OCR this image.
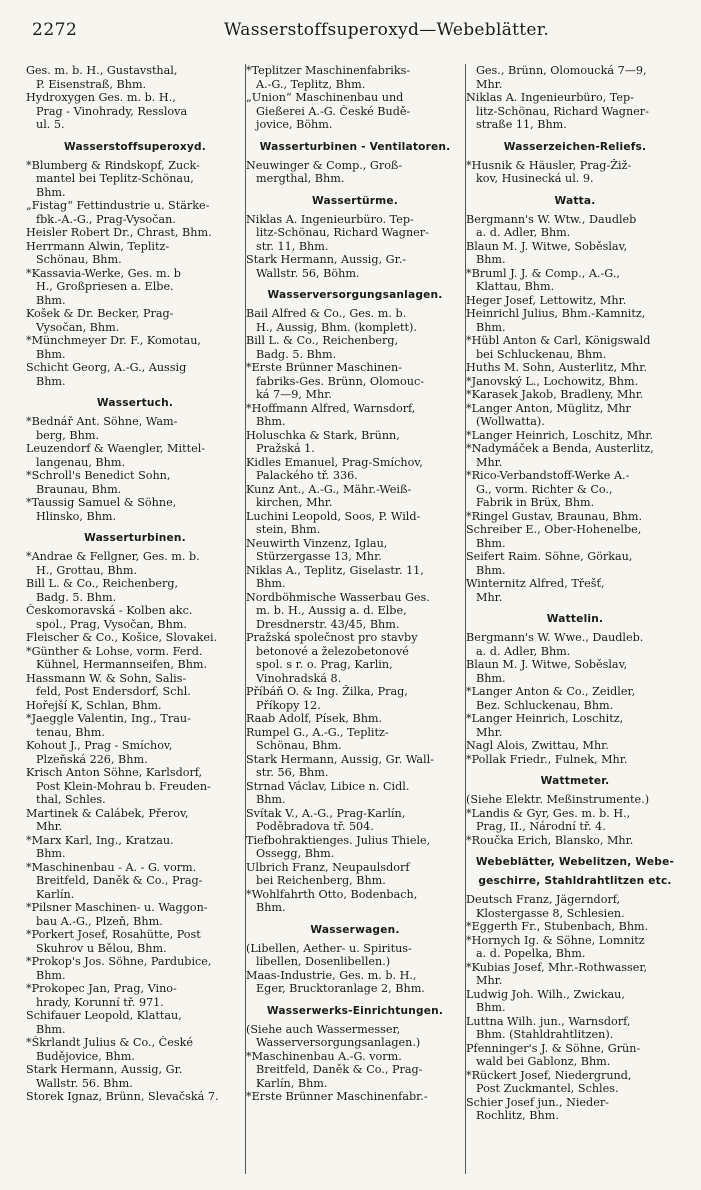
2272	Wasserstoffsuperoxyd—Webeblätter.
Ges. m. b. H., Gustavsthal,
P. Eisenstraß, Bhm.
Hydroxygen Ges. m. b. H.,
Prag - Vinohrady, Resslova
ul. 5.
Wasserstoffsuperoxyd.
*Blumberg & Rindskopf, Zuck-
mantel bei Teplitz-Schönau,
Bhm.
„Fistag“ Fettindustrie u. Stärke-
fbk.-A.-G., Prag-Vysočan.
Heisler Robert Dr., Chrast, Bhm.
Herrmann Alwin, Teplitz-
Schönau, Bhm.
*Kassavia-Werke, Ges. m. b
H., Großpriesen a. Elbe.
Bhm.
Košek & Dr. Becker, Prag-
Vysočan, Bhm.
*Münchmeyer Dr. F., Komotau,
Bhm.
Schicht Georg, A.-G., Aussig
Bhm.
Wassertuch.
*Bednář Ant. Söhne, Wam-
berg, Bhm.
Leuzendorf & Waengler, Mittel-
langenau, Bhm.
*Schroll's Benedict Sohn,
Braunau, Bhm.
*Taussig Samuel & Söhne,
Hlinsko, Bhm.
Wasserturbinen.
*Andrae & Fellgner, Ges. m. b.
H., Grottau, Bhm.
Bill L. & Co., Reichenberg,
Badg. 5. Bhm.
Českomoravská - Kolben akc.
spol., Prag, Vysočan, Bhm.
Fleischer & Co., Košice, Slovakei.
*Günther & Lohse, vorm. Ferd.
Kühnel, Hermannseifen, Bhm.
Hassmann W. & Sohn, Salis-
feld, Post Endersdorf, Schl.
Hořejší K, Schlan, Bhm.
*Jaeggle Valentin, Ing., Trau-
tenau, Bhm.
Kohout J., Prag - Smíchov,
Plzeňská 226, Bhm.
Krisch Anton Söhne, Karlsdorf,
Post Klein-Mohrau b. Freuden-
thal, Schles.
Martinek & Calábek, Přerov,
Mhr.
*Marx Karl, Ing., Kratzau.
Bhm.
*Maschinenbau - A. - G. vorm.
Breitfeld, Daněk & Co., Prag-
Karlín.
*Pilsner Maschinen- u. Waggon-
bau A.-G., Plzeň, Bhm.
*Porkert Josef, Rosahütte, Post
Skuhrov u Bělou, Bhm.
*Prokop's Jos. Söhne, Pardubice,
Bhm.
*Prokopec Jan, Prag, Vino-
hrady, Korunní tř. 971.
Schifauer Leopold, Klattau,
Bhm.
*Škrlandt Julius & Co., České
Budějovice, Bhm.
Stark Hermann, Aussig, Gr.
Wallstr. 56. Bhm.
Storek Ignaz, Brünn, Slevačská 7.
*Teplitzer Maschinenfabriks-
A.-G., Teplitz, Bhm.
„Union“ Maschinenbau und
Gießerei A.-G. České Budě-
jovice, Böhm.
Wasserturbinen - Ventilatoren.
Neuwinger & Comp., Groß-
mergthal, Bhm.
Wassertürme.
Niklas A. Ingenieurbüro. Tep-
litz-Schönau, Richard Wagner-
str. 11, Bhm.
Stark Hermann, Aussig, Gr.-
Wallstr. 56, Böhm.
Wasserversorgungsanlagen.
Bail Alfred & Co., Ges. m. b.
H., Aussig, Bhm. (komplett).
Bill L. & Co., Reichenberg,
Badg. 5. Bhm.
*Erste Brünner Maschinen-
fabriks-Ges. Brünn, Olomouc-
ká 7—9, Mhr.
*Hoffmann Alfred, Warnsdorf,
Bhm.
Holuschka & Stark, Brünn,
Pražská 1.
Kidles Emanuel, Prag-Smíchov,
Palackého tř. 336.
Kunz Ant., A.-G., Mähr.-Weiß-
kirchen, Mhr.
Luchini Leopold, Soos, P. Wild-
stein, Bhm.
Neuwirth Vinzenz, Iglau,
Stürzergasse 13, Mhr.
Niklas A., Teplitz, Giselastr. 11,
Bhm.
Nordböhmische Wasserbau Ges.
m. b. H., Aussig a. d. Elbe,
Dresdnerstr. 43/45, Bhm.
Pražská společnost pro stavby
betonové a železobetonové
spol. s r. o. Prag, Karlin,
Vinohradská 8.
Příbáň O. & Ing. Žilka, Prag,
Příkopy 12.
Raab Adolf, Písek, Bhm.
Rumpel G., A.-G., Teplitz-
Schönau, Bhm.
Stark Hermann, Aussig, Gr. Wall-
str. 56, Bhm.
Strnad Václav, Libice n. Cidl.
Bhm.
Svítak V., A.-G., Prag-Karlín,
Poděbradova tř. 504.
Tiefbohraktienges. Julius Thiele,
Ossegg, Bhm.
Ulbrich Franz, Neupaulsdorf
bei Reichenberg, Bhm.
*Wohlfahrth Otto, Bodenbach,
Bhm.
Wasserwagen.
(Libellen, Aether- u. Spiritus-
libellen, Dosenlibellen.)
Maas-Industrie, Ges. m. b. H.,
Eger, Brucktoranlage 2, Bhm.
Wasserwerks-Einrichtungen.
(Siehe auch Wassermesser,
Wasserversorgungsanlagen.)
*Maschinenbau A.-G. vorm.
Breitfeld, Daněk & Co., Prag-
Karlín, Bhm.
*Erste Brünner Maschinenfabr.-
Ges., Brünn, Olomoucká 7—9,
Mhr.
Niklas A. Ingenieurbüro, Tep-
litz-Schönau, Richard Wagner-
straße 11, Bhm.
Wasserzeichen-Reliefs.
*Husnik & Häusler, Prag-Žiž-
kov, Husinecká ul. 9.
Watta.
Bergmann's W. Wtw., Daudleb
a. d. Adler, Bhm.
Blaun M. J. Witwe, Soběslav,
Bhm.
*Bruml J. J. & Comp., A.-G.,
Klattau, Bhm.
Heger Josef, Lettowitz, Mhr.
Heinrichl Julius, Bhm.-Kamnitz,
Bhm.
*Hübl Anton & Carl, Königswald
bei Schluckenau, Bhm.
Huths M. Sohn, Austerlitz, Mhr.
*Janovský L., Lochowitz, Bhm.
*Karasek Jakob, Bradleny, Mhr.
*Langer Anton, Müglitz, Mhr
(Wollwatta).
*Langer Heinrich, Loschitz, Mhr.
*Nadymáček a Benda, Austerlitz,
Mhr.
*Rico-Verbandstoff-Werke A.-
G., vorm. Richter & Co.,
Fabrik in Brüx, Bhm.
*Ringel Gustav, Braunau, Bhm.
Schreiber E., Ober-Hohenelbe,
Bhm.
Seifert Raim. Söhne, Görkau,
Bhm.
Winternitz Alfred, Třešť,
Mhr.
Wattelin.
Bergmann's W. Wwe., Daudleb.
a. d. Adler, Bhm.
Blaun M. J. Witwe, Soběslav,
Bhm.
*Langer Anton & Co., Zeidler,
Bez. Schluckenau, Bhm.
*Langer Heinrich, Loschitz,
Mhr.
Nagl Alois, Zwittau, Mhr.
*Pollak Friedr., Fulnek, Mhr.
Wattmeter.
(Siehe Elektr. Meßinstrumente.)
*Landis & Gyr, Ges. m. b. H.,
Prag, II., Národní tř. 4.
*Roučka Erich, Blansko, Mhr.
Webeblätter, Webelitzen, Webe-
geschirre, Stahldrahtlitzen etc.
Deutsch Franz, Jägerndorf,
Klostergasse 8, Schlesien.
*Eggerth Fr., Stubenbach, Bhm.
*Hornych Ig. & Söhne, Lomnitz
a. d. Popelka, Bhm.
*Kubias Josef, Mhr.-Rothwasser,
Mhr.
Ludwig Joh. Wilh., Zwickau,
Bhm.
Luttna Wilh. jun., Warnsdorf,
Bhm. (Stahldrahtlitzen).
Pfenninger's J. & Söhne, Grün-
wald bei Gablonz, Bhm.
*Rückert Josef, Niedergrund,
Post Zuckmantel, Schles.
Schier Josef jun., Nieder-
Rochlitz, Bhm.
